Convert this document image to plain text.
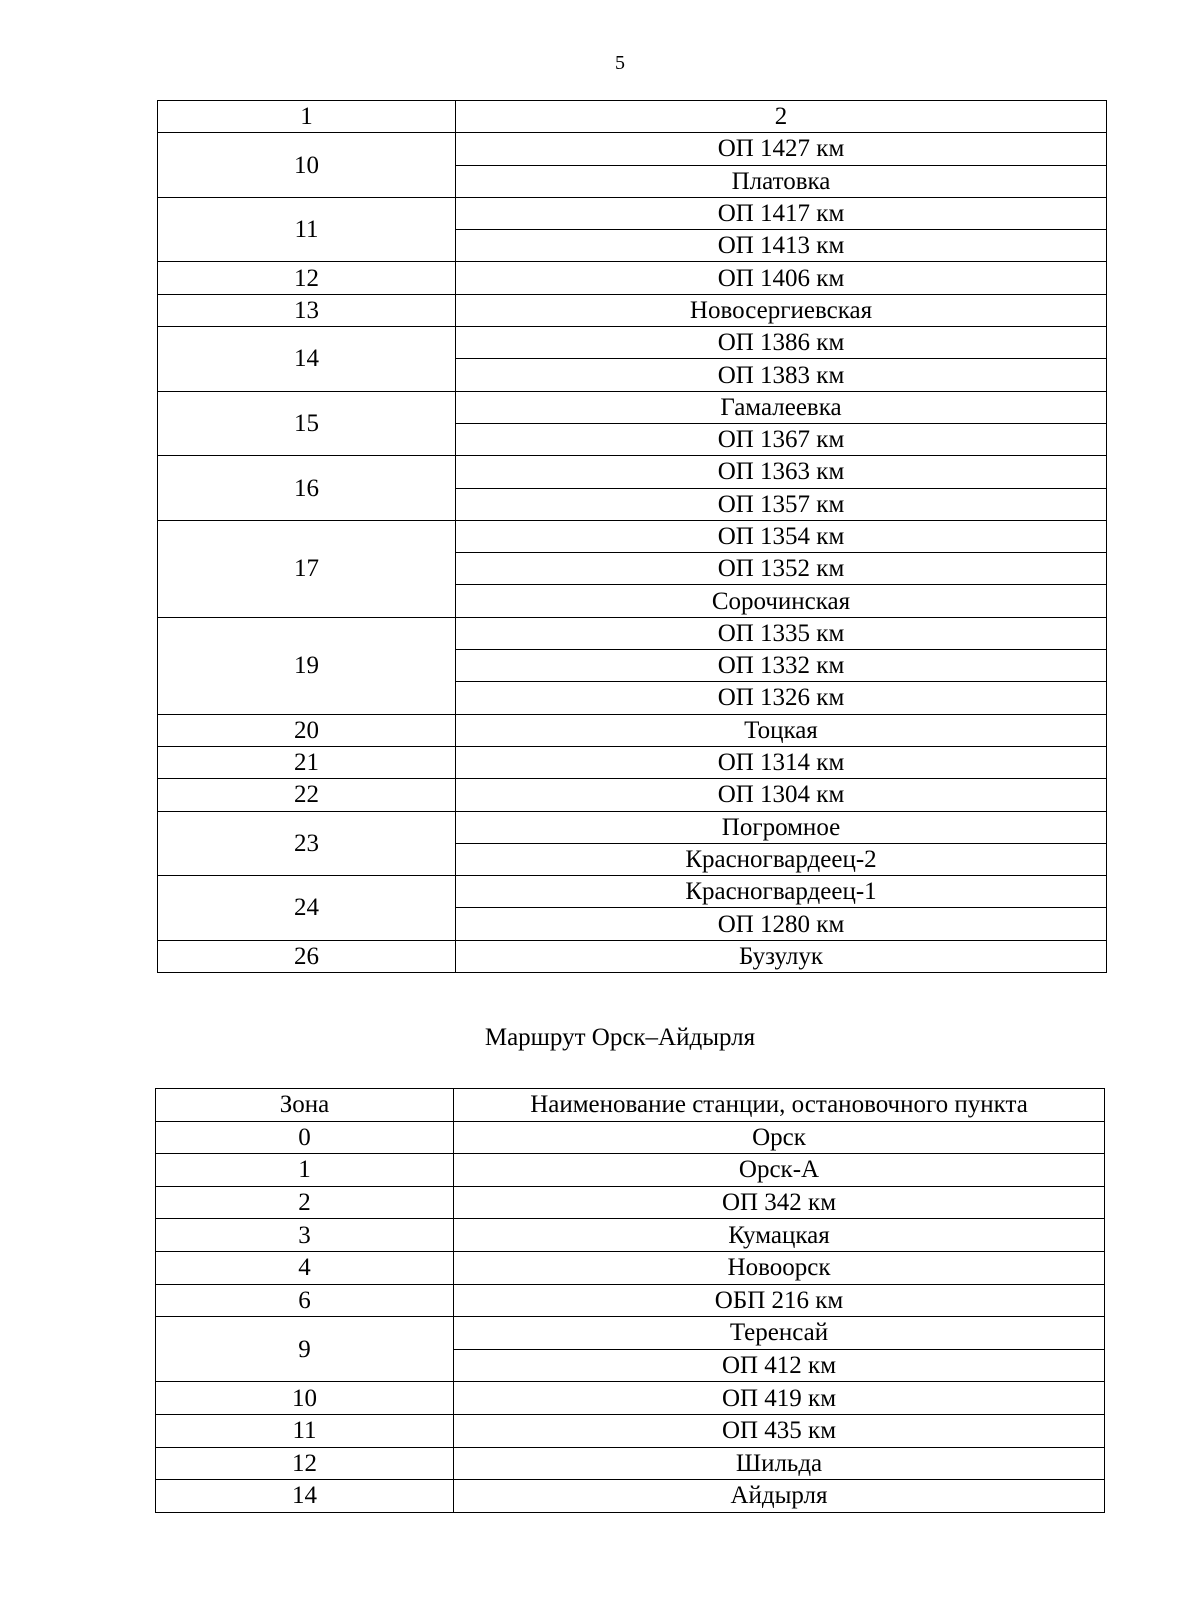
5
1	2
10	ОП 1427 км
	Платовка
11	ОП 1417 км
	ОП 1413 км
12	ОП 1406 км
13	Новосергиевская
14	ОП 1386 км
	ОП 1383 км
15	Гамалеевка
	ОП 1367 км
16	ОП 1363 км
	ОП 1357 км
17	ОП 1354 км
	ОП 1352 км
	Сорочинская
19	ОП 1335 км
	ОП 1332 км
	ОП 1326 км
20	Тоцкая
21	ОП 1314 км
22	ОП 1304 км
23	Погромное
	Красногвардеец-2
24	Красногвардеец-1
	ОП 1280 км
26	Бузулук
Маршрут Орск–Айдырля
Зона	Наименование станции, остановочного пункта
0	Орск
1	Орск-А
2	ОП 342 км
3	Кумацкая
4	Новоорск
6	ОБП 216 км
9	Теренсай
	ОП 412 км
10	ОП 419 км
11	ОП 435 км
12	Шильда
14	Айдырля
